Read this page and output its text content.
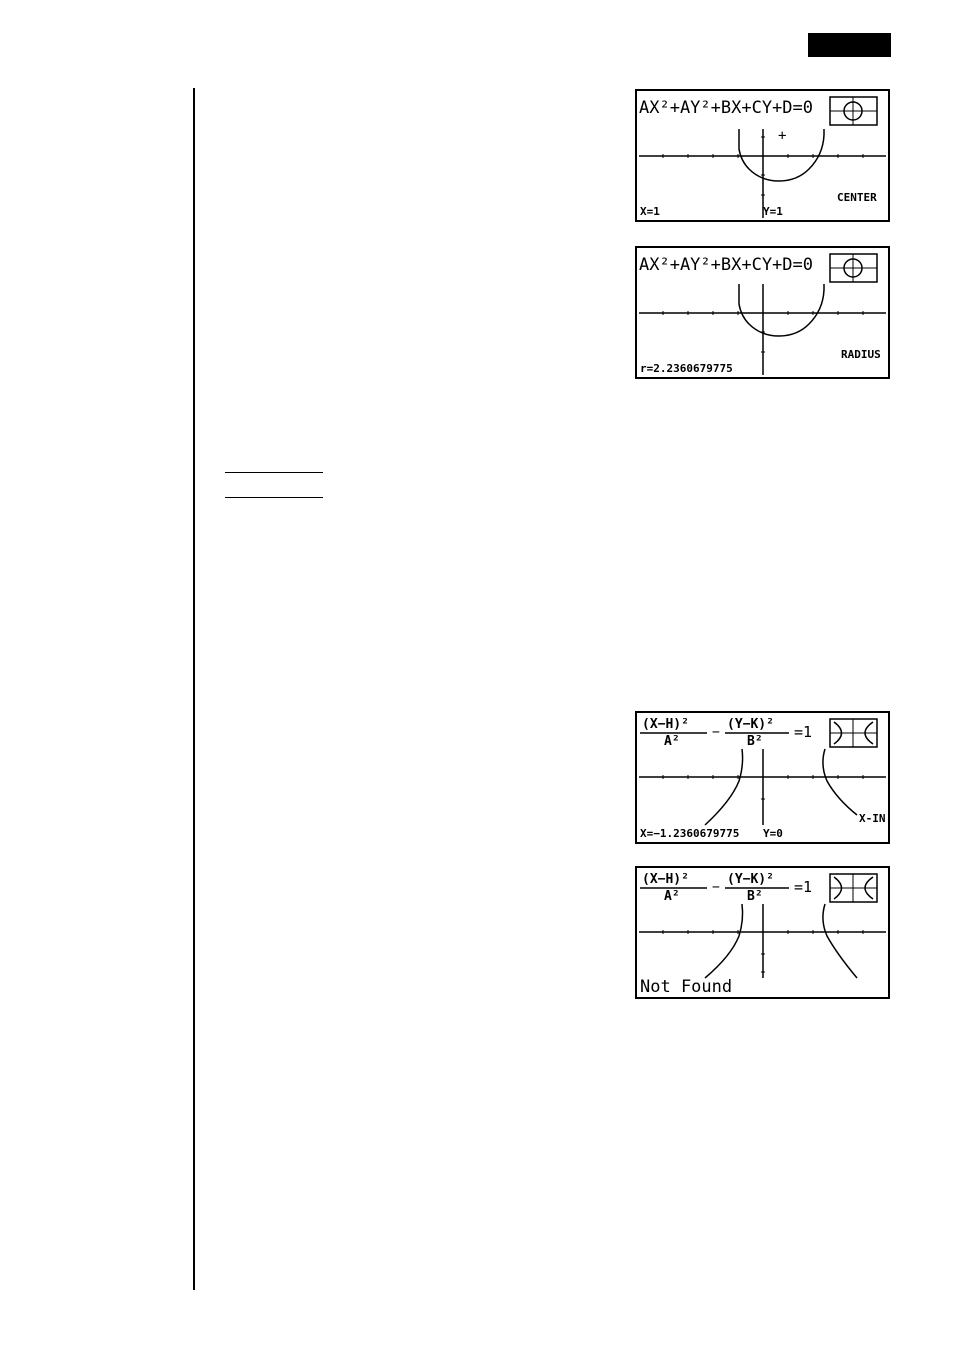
AX²+AY²+BX+CY+D=0
+
CENTER
X=1	Y=1
AX²+AY²+BX+CY+D=0
RADIUS
r=2.2360679775
(X−H)²
A²
−
(Y−K)²
B²
=1
X-IN
X=−1.2360679775 Y=0
(X−H)²
A²
−
(Y−K)²
B²
=1
Not Found
